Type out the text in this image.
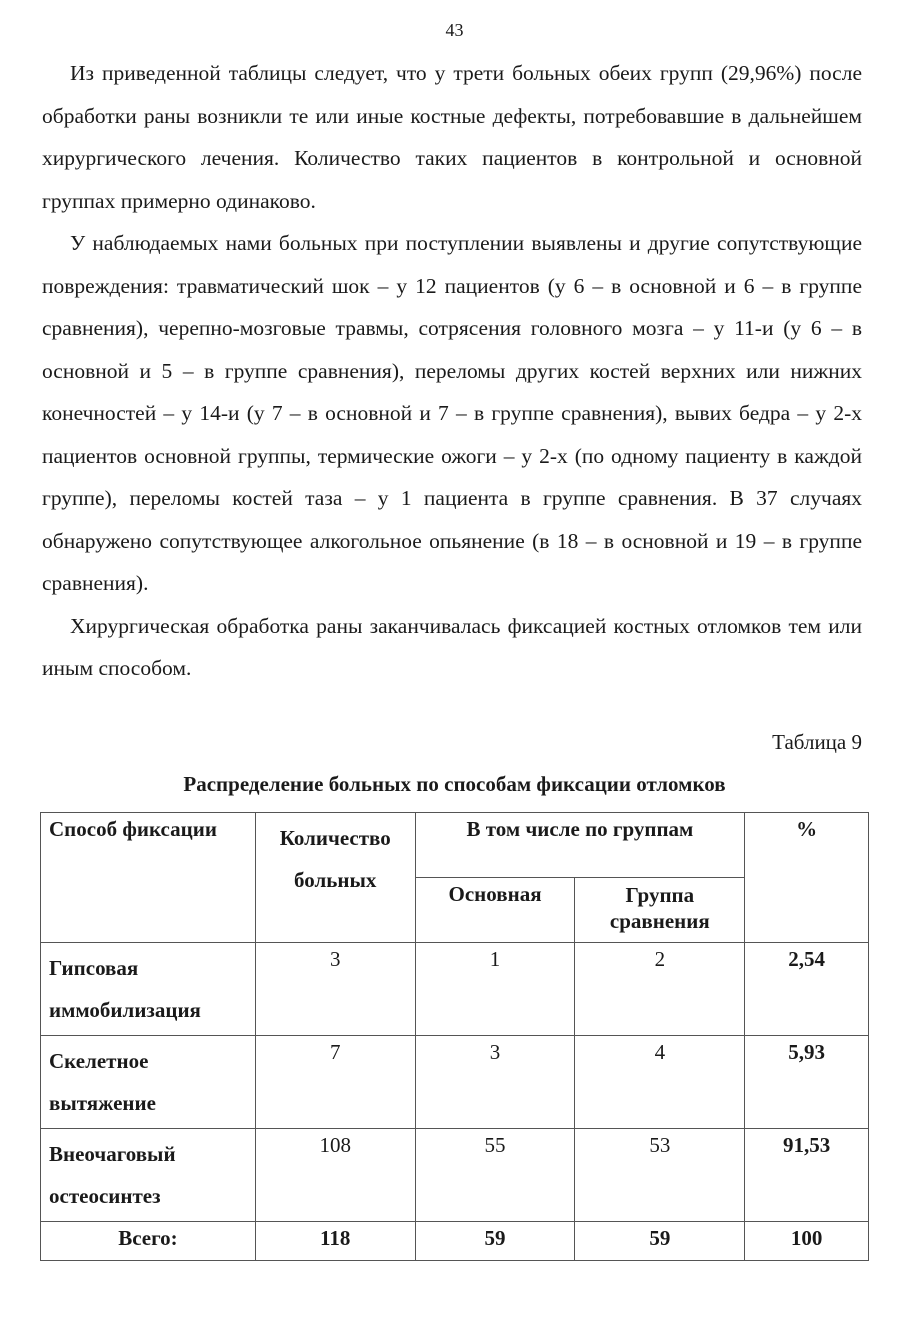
43

Из приведенной таблицы следует, что у трети больных обеих групп (29,96%) после обработки раны возникли те или иные костные дефекты, потребовавшие в дальнейшем хирургического лечения. Количество таких пациентов в контрольной и основной группах примерно одинаково.

У наблюдаемых нами больных при поступлении выявлены и другие сопутствующие повреждения: травматический шок – у 12 пациентов (у 6 – в основной и 6 – в группе сравнения), черепно-мозговые травмы, сотрясения головного мозга – у 11-и (у 6 – в основной и 5 – в группе сравнения), переломы других костей верхних или нижних конечностей – у 14-и (у 7 – в основной и 7 – в группе сравнения), вывих бедра – у 2-х пациентов основной группы, термические ожоги – у 2-х (по одному пациенту в каждой группе), переломы костей таза – у 1 пациента в группе сравнения. В 37 случаях обнаружено сопутствующее алкогольное опьянение (в 18 – в основной и 19 – в группе сравнения).

Хирургическая обработка раны заканчивалась фиксацией костных отломков тем или иным способом.

Таблица 9
Распределение больных по способам фиксации отломков
Способ фиксации	Количество больных	В том числе по группам		%
		Основная	Группа сравнения	
Гипсовая иммобилизация	3	1	2	2,54
Скелетное вытяжение	7	3	4	5,93
Внеочаговый остеосинтез	108	55	53	91,53
Всего:	118	59	59	100
